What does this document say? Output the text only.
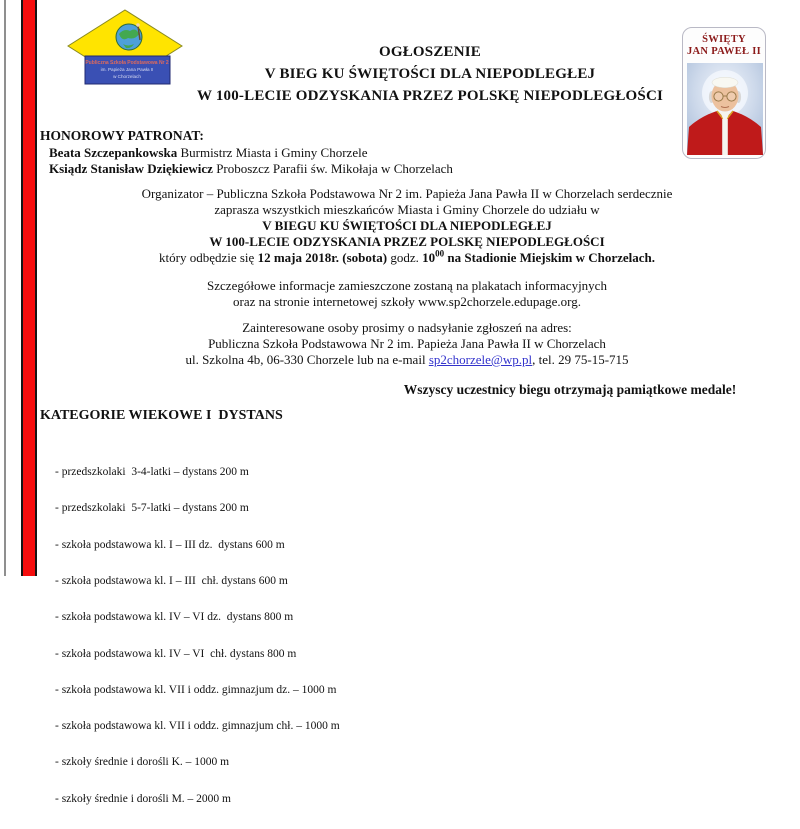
Publiczna Szkoła Podstawowa Nr 2
im. Papieża Jana Pawła II
w Chorzelach
OGŁOSZENIE
V BIEG KU ŚWIĘTOŚCI DLA NIEPODLEGŁEJ
W 100-LECIE ODZYSKANIA PRZEZ POLSKĘ NIEPODLEGŁOŚCI
ŚWIĘTY
JAN PAWEŁ II
HONOROWY PATRONAT:
Beata Szczepankowska Burmistrz Miasta i Gminy Chorzele
Ksiądz Stanisław Dziękiewicz Proboszcz Parafii św. Mikołaja w Chorzelach
Organizator – Publiczna Szkoła Podstawowa Nr 2 im. Papieża Jana Pawła II w Chorzelach serdecznie
zaprasza wszystkich mieszkańców Miasta i Gminy Chorzele do udziału w
V BIEGU KU ŚWIĘTOŚCI DLA NIEPODLEGŁEJ
W 100-LECIE ODZYSKANIA PRZEZ POLSKĘ NIEPODLEGŁOŚCI
który odbędzie się 12 maja 2018r. (sobota) godz. $10^{00}$ na Stadionie Miejskim w Chorzelach.
Szczegółowe informacje zamieszczone zostaną na plakatach informacyjnych
oraz na stronie internetowej szkoły www.sp2chorzele.edupage.org.
Zainteresowane osoby prosimy o nadsyłanie zgłoszeń na adres:
Publiczna Szkoła Podstawowa Nr 2 im. Papieża Jana Pawła II w Chorzelach
ul. Szkolna 4b, 06-330 Chorzele lub na e-mail sp2chorzele@wp.pl, tel. 29 75-15-715
Wszyscy uczestnicy biegu otrzymają pamiątkowe medale!
KATEGORIE WIEKOWE I  DYSTANS

- przedszkolaki  3-4-latki – dystans 200 m

- przedszkolaki  5-7-latki – dystans 200 m

- szkoła podstawowa kl. I – III dz.  dystans 600 m

- szkoła podstawowa kl. I – III  chł. dystans 600 m

- szkoła podstawowa kl. IV – VI dz.  dystans 800 m

- szkoła podstawowa kl. IV – VI  chł. dystans 800 m

- szkoła podstawowa kl. VII i oddz. gimnazjum dz. – 1000 m

- szkoła podstawowa kl. VII i oddz. gimnazjum chł. – 1000 m

- szkoły średnie i dorośli K. – 1000 m

- szkoły średnie i dorośli M. – 2000 m
